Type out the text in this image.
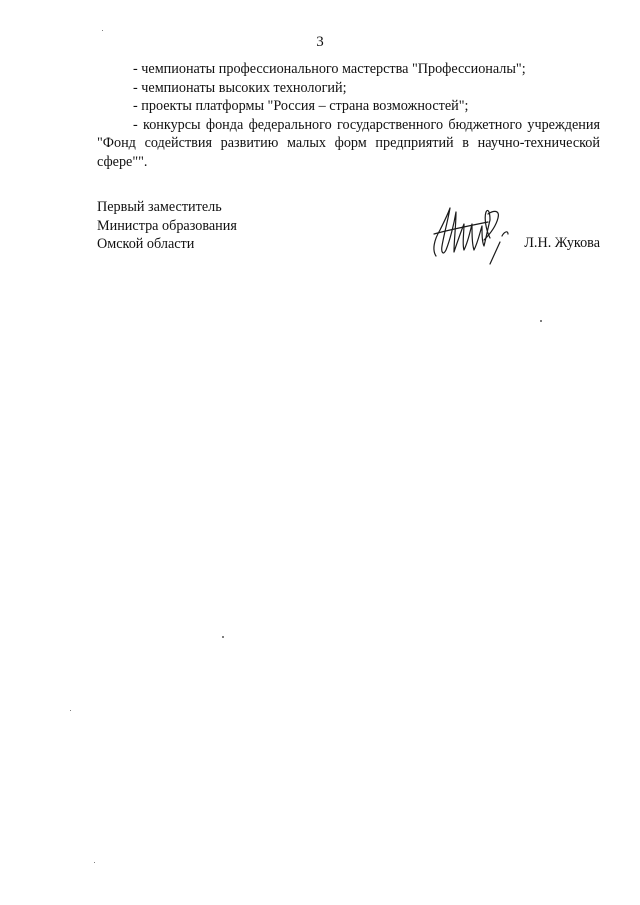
3
- чемпионаты профессионального мастерства "Профессионалы";
- чемпионаты высоких технологий;
- проекты платформы "Россия – страна возможностей";
- конкурсы фонда федерального государственного бюджетного учреждения "Фонд содействия развитию малых форм предприятий в научно-технической сфере"".
Первый заместитель
Министра образования
Омской области	Л.Н. Жукова
